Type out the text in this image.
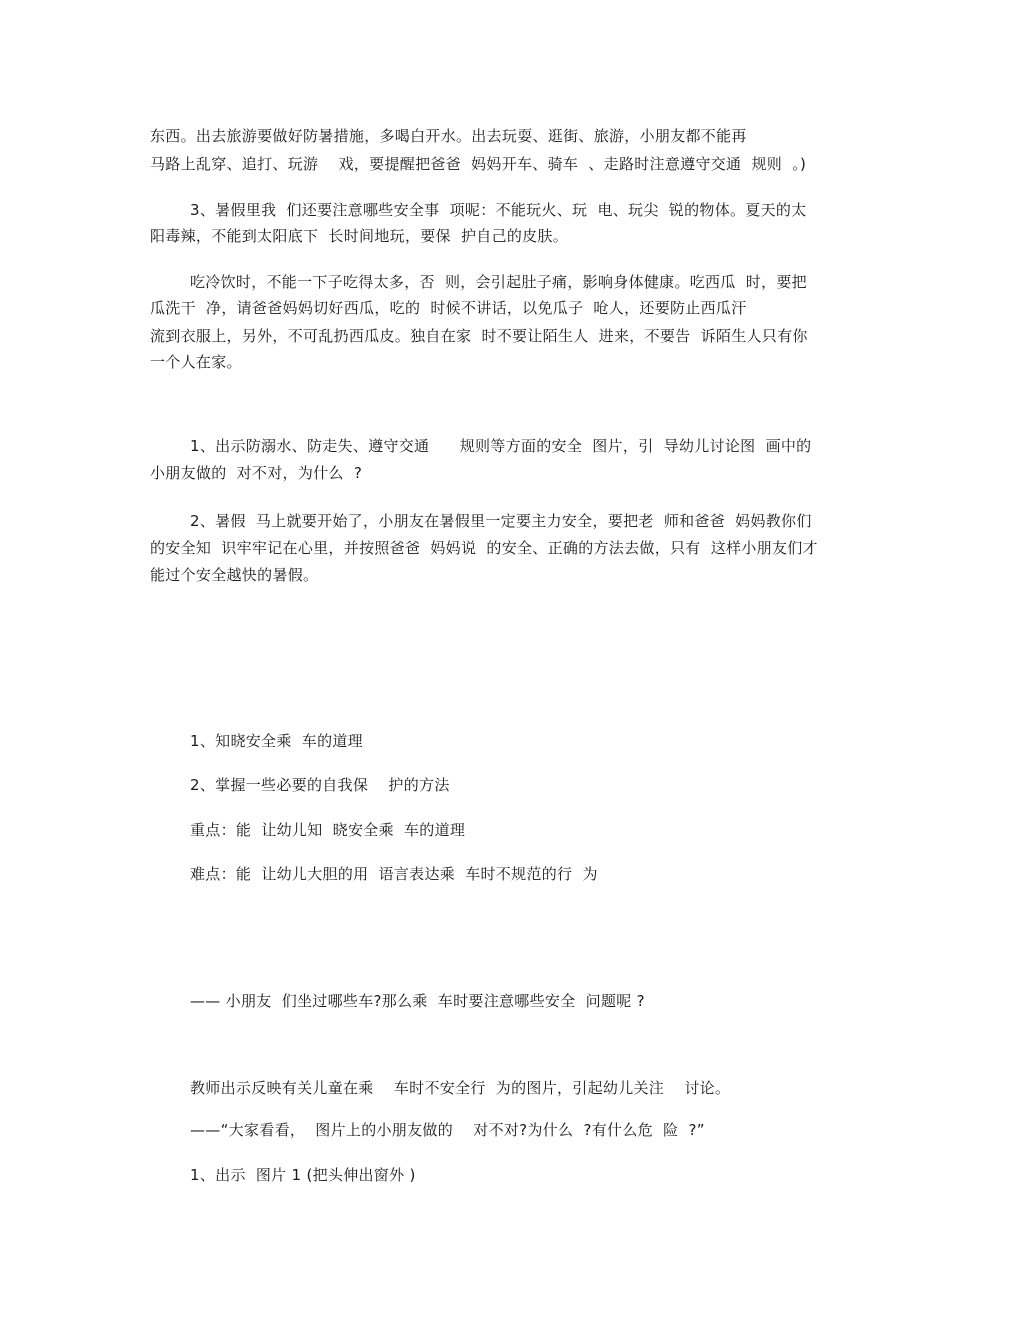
东西。出去旅游要做好防暑措施，多喝白开水。出去玩耍、逛街、旅游，小朋友都不能再

马路上乱穿、追打、玩游    戏，要提醒把爸爸  妈妈开车、骑车  、走路时注意遵守交通  规则  。)

3、暑假里我  们还要注意哪些安全事  项呢：不能玩火、玩  电、玩尖  锐的物体。夏天的太

阳毒辣，不能到太阳底下  长时间地玩，要保  护自己的皮肤。

吃冷饮时，不能一下子吃得太多，否  则，会引起肚子痛，影响身体健康。吃西瓜  时，要把

瓜洗干  净，请爸爸妈妈切好西瓜，吃的  时候不讲话，以免瓜子  呛人，还要防止西瓜汗

流到衣服上，另外，不可乱扔西瓜皮。独自在家  时不要让陌生人  进来，不要告  诉陌生人只有你

一个人在家。

1、出示防溺水、防走失、遵守交通      规则等方面的安全  图片，引  导幼儿讨论图  画中的

小朋友做的  对不对，为什么  ?

2、暑假  马上就要开始了，小朋友在暑假里一定要主力安全，要把老  师和爸爸  妈妈教你们

的安全知  识牢牢记在心里，并按照爸爸  妈妈说  的安全、正确的方法去做，只有  这样小朋友们才

能过个安全越快的暑假。

1、知晓安全乘  车的道理

2、掌握一些必要的自我保    护的方法

重点：能  让幼儿知  晓安全乘  车的道理

难点：能  让幼儿大胆的用  语言表达乘  车时不规范的行  为

—— 小朋友  们坐过哪些车?那么乘  车时要注意哪些安全  问题呢 ?

教师出示反映有关儿童在乘    车时不安全行  为的图片，引起幼儿关注    讨论。

——“大家看看，  图片上的小朋友做的    对不对?为什么  ?有什么危  险  ?”

1、出示  图片 1 (把头伸出窗外 )
